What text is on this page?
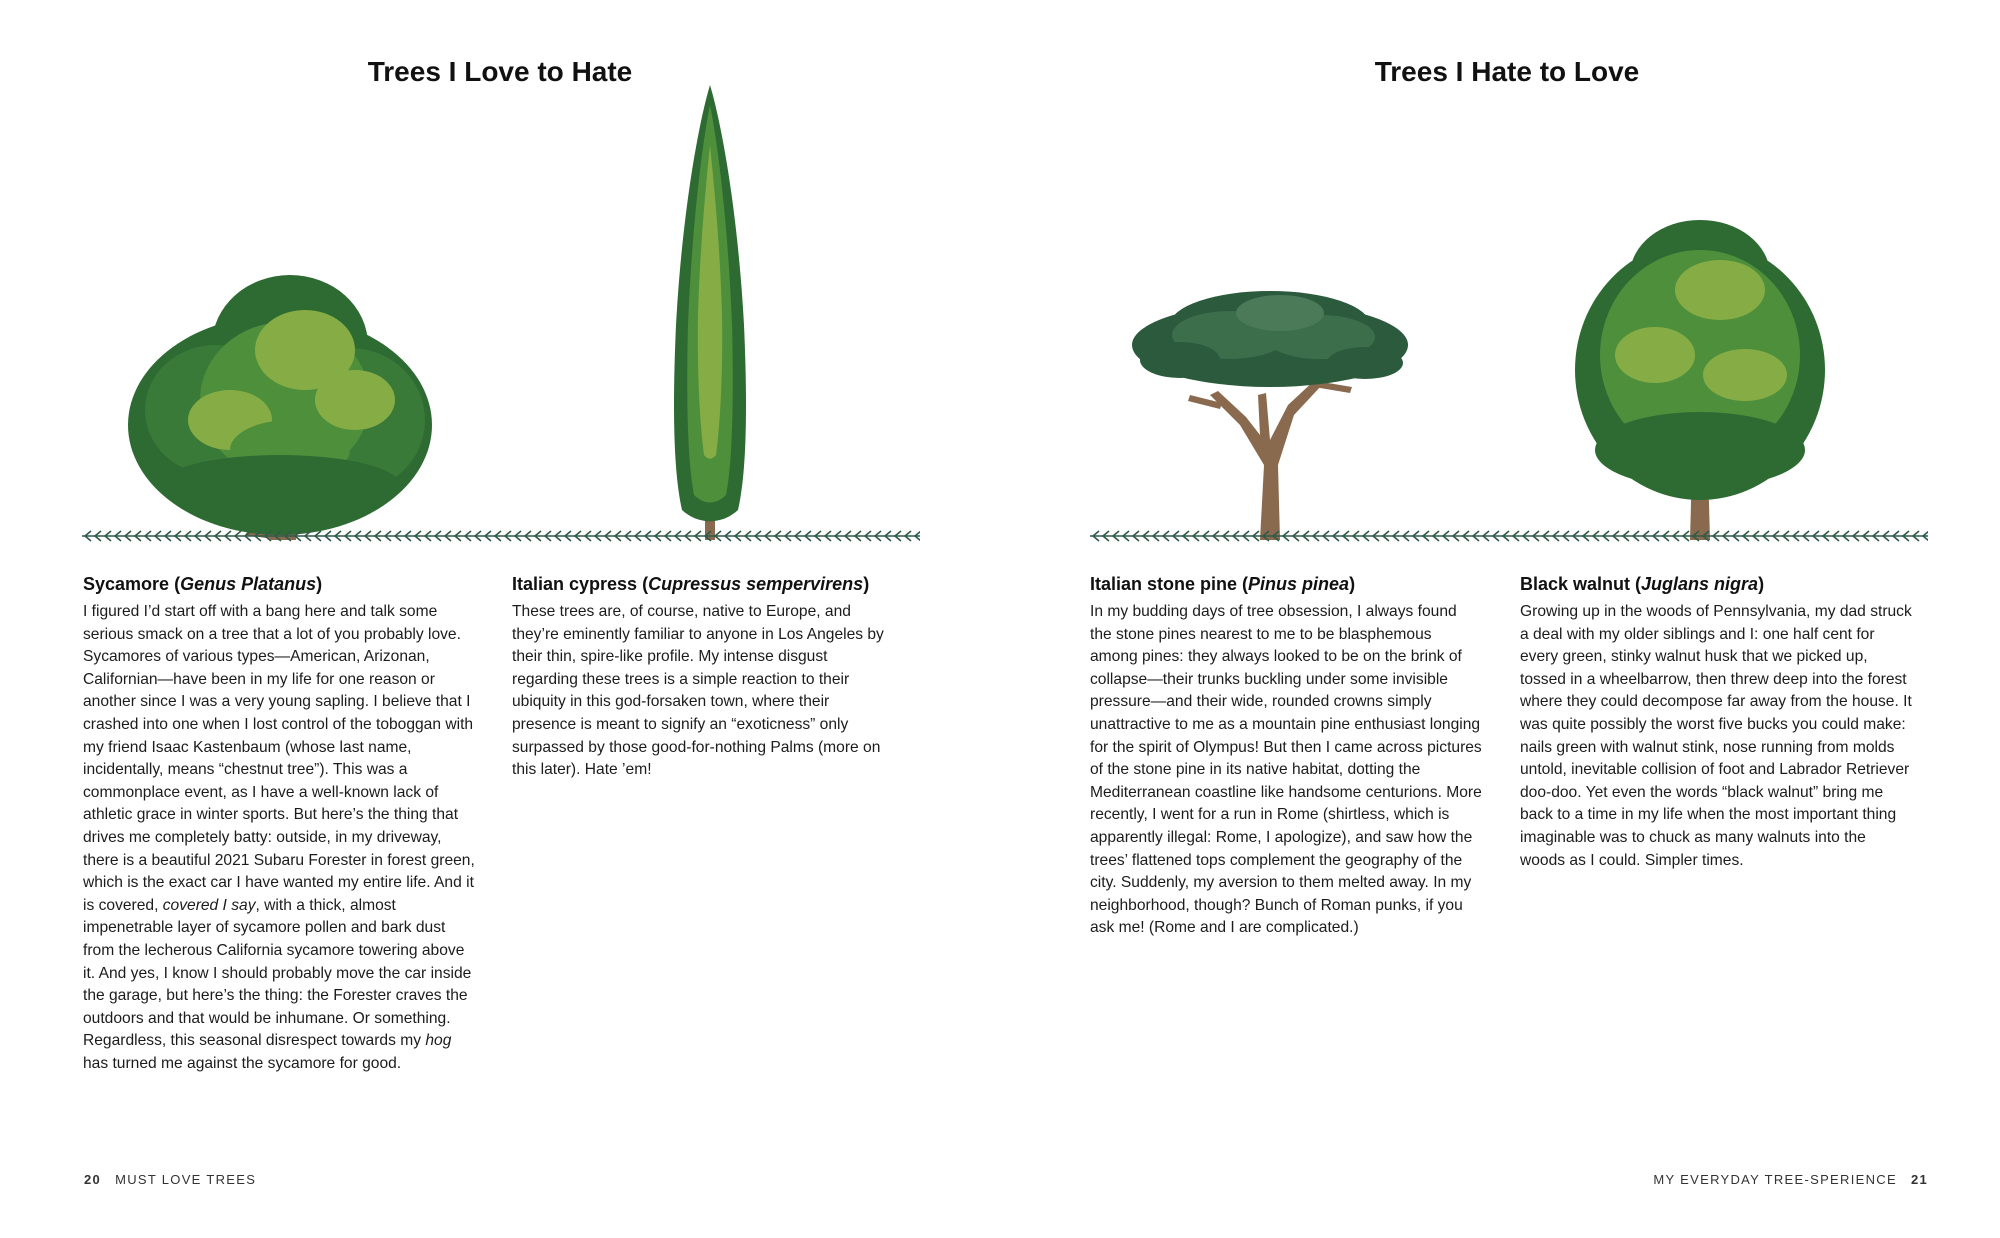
Trees I Love to Hate
Sycamore (Genus Platanus)

I figured I’d start off with a bang here and talk some serious smack on a tree that a lot of you probably love. Sycamores of various types—American, Arizonan, Californian—have been in my life for one reason or another since I was a very young sapling. I believe that I crashed into one when I lost control of the toboggan with my friend Isaac Kastenbaum (whose last name, incidentally, means “chestnut tree”). This was a commonplace event, as I have a well-known lack of athletic grace in winter sports. But here’s the thing that drives me completely batty: outside, in my driveway, there is a beautiful 2021 Subaru Forester in forest green, which is the exact car I have wanted my entire life. And it is covered, covered I say, with a thick, almost impenetrable layer of sycamore pollen and bark dust from the lecherous California sycamore towering above it. And yes, I know I should probably move the car inside the garage, but here’s the thing: the Forester craves the outdoors and that would be inhumane. Or something. Regardless, this seasonal disrespect towards my hog has turned me against the sycamore for good.

Italian cypress (Cupressus sempervirens)

These trees are, of course, native to Europe, and they’re eminently familiar to anyone in Los Angeles by their thin, spire-like profile. My intense disgust regarding these trees is a simple reaction to their ubiquity in this god-forsaken town, where their presence is meant to signify an “exoticness” only surpassed by those good-for-nothing Palms (more on this later). Hate ’em!

20 MUST LOVE TREES
Trees I Hate to Love
Italian stone pine (Pinus pinea)

In my budding days of tree obsession, I always found the stone pines nearest to me to be blasphemous among pines: they always looked to be on the brink of collapse—their trunks buckling under some invisible pressure—and their wide, rounded crowns simply unattractive to me as a mountain pine enthusiast longing for the spirit of Olympus! But then I came across pictures of the stone pine in its native habitat, dotting the Mediterranean coastline like handsome centurions. More recently, I went for a run in Rome (shirtless, which is apparently illegal: Rome, I apologize), and saw how the trees’ flattened tops complement the geography of the city. Suddenly, my aversion to them melted away. In my neighborhood, though? Bunch of Roman punks, if you ask me! (Rome and I are complicated.)

Black walnut (Juglans nigra)

Growing up in the woods of Pennsylvania, my dad struck a deal with my older siblings and I: one half cent for every green, stinky walnut husk that we picked up, tossed in a wheelbarrow, then threw deep into the forest where they could decompose far away from the house. It was quite possibly the worst five bucks you could make: nails green with walnut stink, nose running from molds untold, inevitable collision of foot and Labrador Retriever doo-doo. Yet even the words “black walnut” bring me back to a time in my life when the most important thing imaginable was to chuck as many walnuts into the woods as I could. Simpler times.

MY EVERYDAY TREE-SPERIENCE 21
